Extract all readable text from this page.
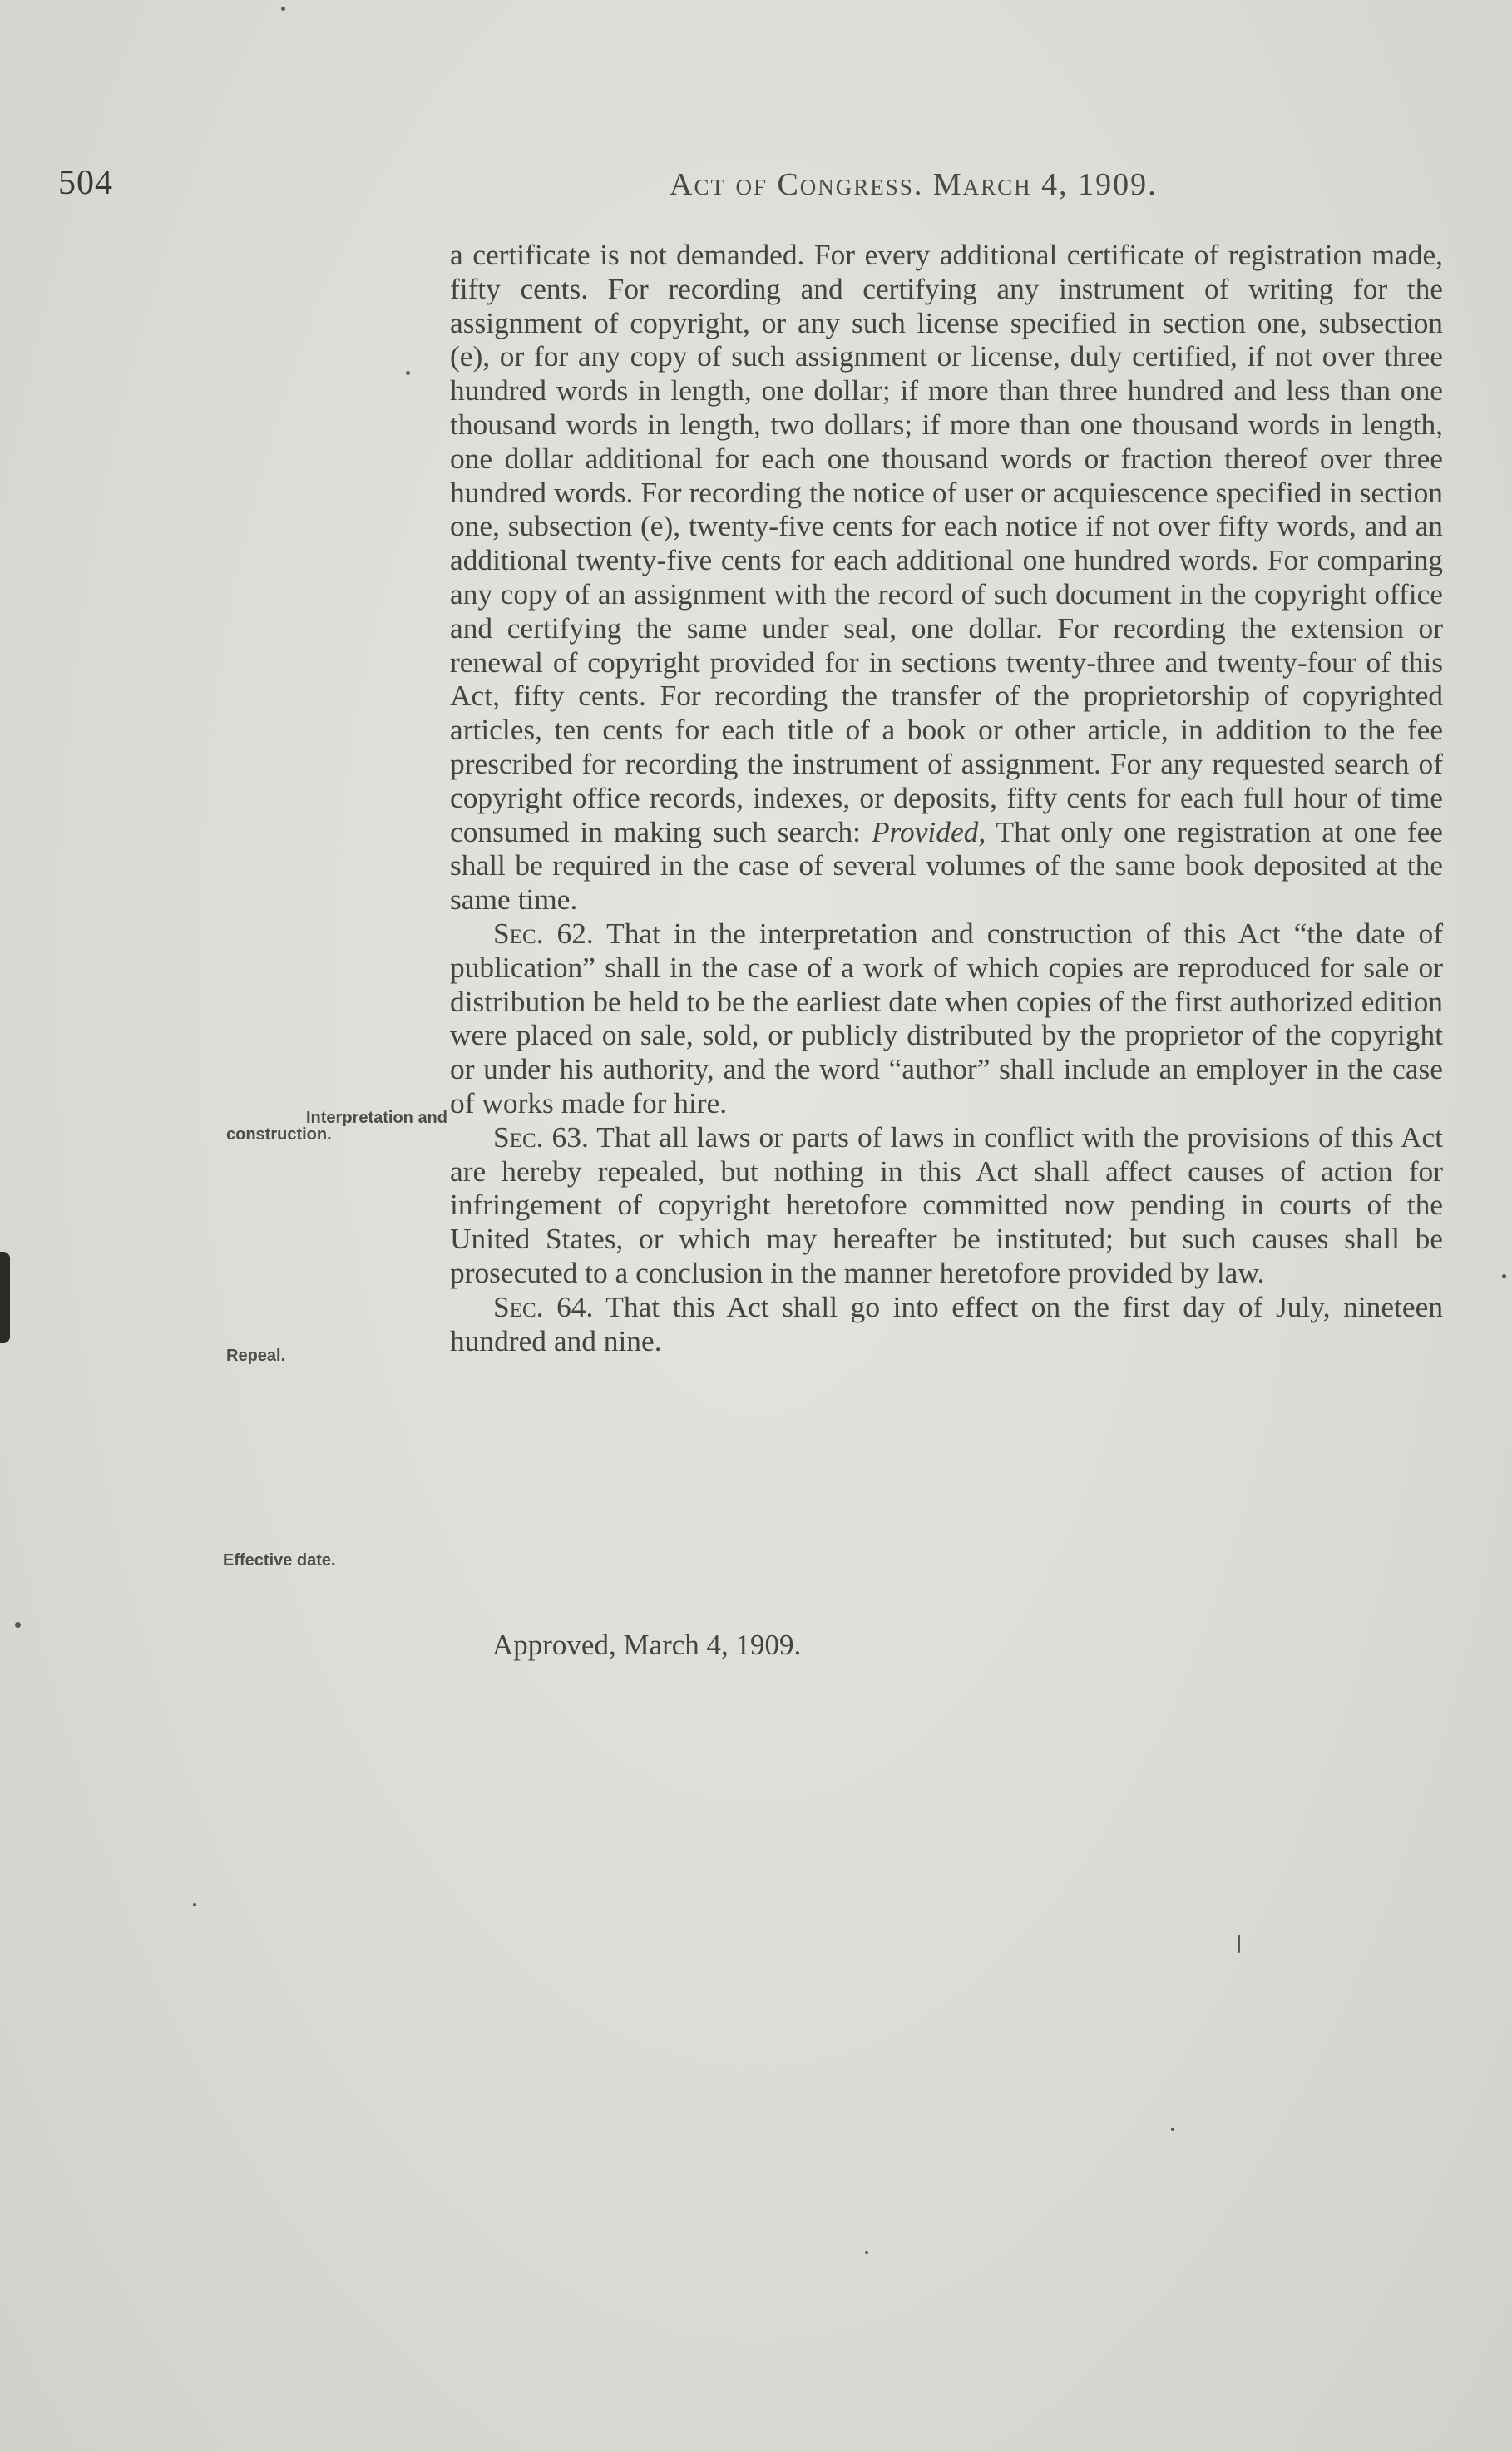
504	Act of Congress. March 4, 1909.

a certificate is not demanded. For every additional certificate of registration made, fifty cents. For recording and certifying any instrument of writing for the assignment of copyright, or any such license specified in section one, subsection (e), or for any copy of such assignment or license, duly certified, if not over three hundred words in length, one dollar; if more than three hundred and less than one thousand words in length, two dollars; if more than one thousand words in length, one dollar additional for each one thousand words or fraction thereof over three hundred words. For recording the notice of user or acquiescence specified in section one, subsection (e), twenty-five cents for each notice if not over fifty words, and an additional twenty-five cents for each additional one hundred words. For comparing any copy of an assignment with the record of such document in the copyright office and certifying the same under seal, one dollar. For recording the extension or renewal of copyright provided for in sections twenty-three and twenty-four of this Act, fifty cents. For recording the transfer of the proprietorship of copyrighted articles, ten cents for each title of a book or other article, in addition to the fee prescribed for recording the instrument of assignment. For any requested search of copyright office records, indexes, or deposits, fifty cents for each full hour of time consumed in making such search: Provided, That only one registration at one fee shall be required in the case of several volumes of the same book deposited at the same time.

Sec. 62. That in the interpretation and construction of this Act “the date of publication” shall in the case of a work of which copies are reproduced for sale or distribution be held to be the earliest date when copies of the first authorized edition were placed on sale, sold, or publicly distributed by the proprietor of the copyright or under his authority, and the word “author” shall include an employer in the case of works made for hire.

Sec. 63. That all laws or parts of laws in conflict with the provisions of this Act are hereby repealed, but nothing in this Act shall affect causes of action for infringement of copyright heretofore committed now pending in courts of the United States, or which may hereafter be instituted; but such causes shall be prosecuted to a conclusion in the manner heretofore provided by law.

Sec. 64. That this Act shall go into effect on the first day of July, nineteen hundred and nine.

Approved, March 4, 1909.
Interpretation and
construction.
Repeal.
Effective date.
